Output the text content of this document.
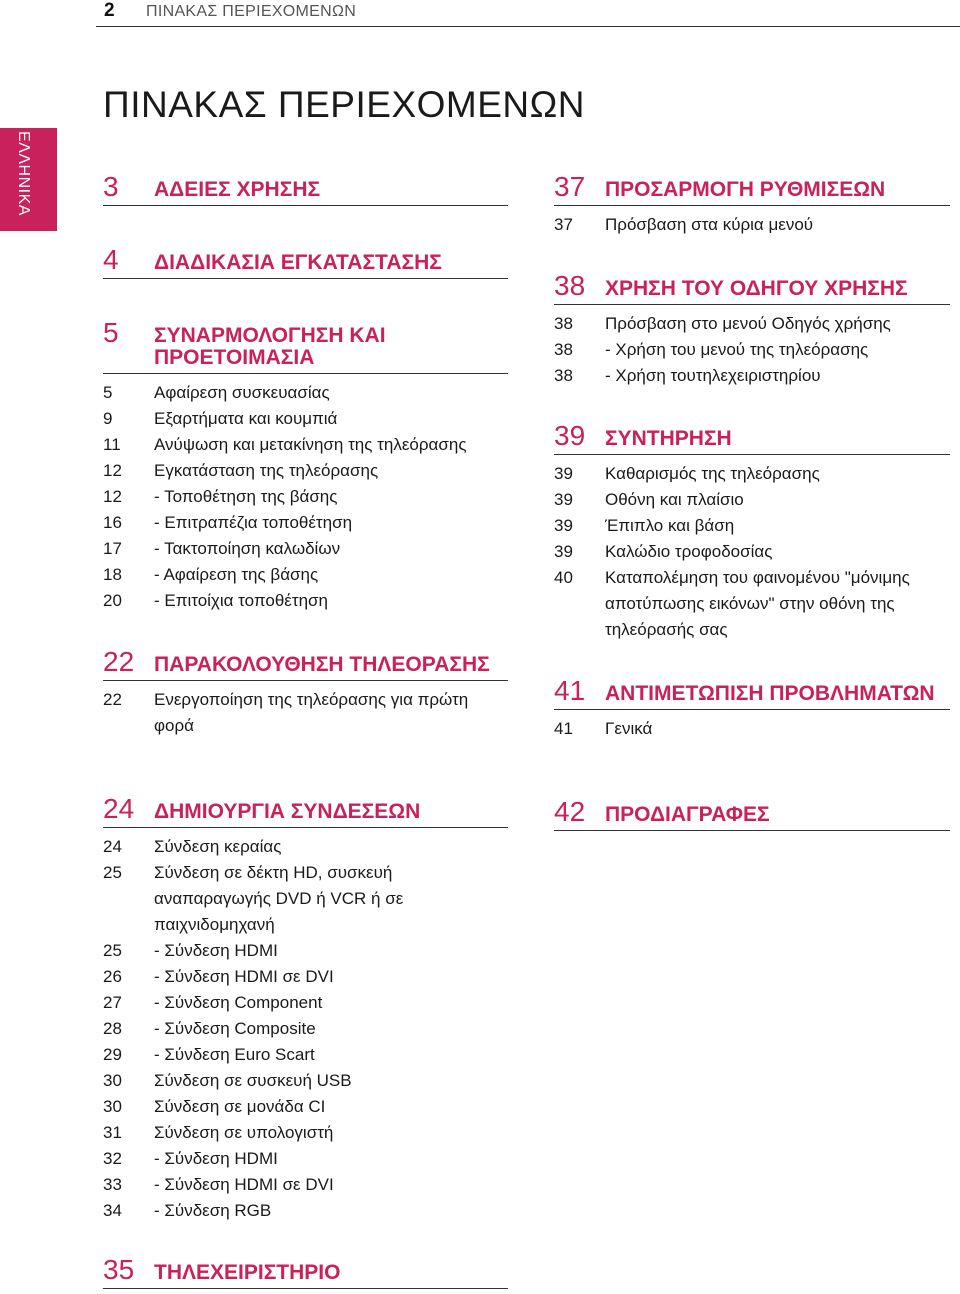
2 ΠΙΝΑΚΑΣ ΠΕΡΙΕΧΟΜΕΝΩΝ
ΠΙΝΑΚΑΣ ΠΕΡΙΕΧΟΜΕΝΩΝ
ΕΛΛΗΝΙΚΑ	3 ΑΔΕΙΕΣ ΧΡΗΣΗΣ
4 ΔΙΑΔΙΚΑΣΙΑ ΕΓΚΑΤΑΣΤΑΣΗΣ
5 ΣΥΝΑΡΜΟΛΟΓΗΣΗ ΚΑΙ ΠΡΟΕΤΟΙΜΑΣΙΑ
5	Αφαίρεση συσκευασίας
9	Εξαρτήματα και κουμπιά
11	Ανύψωση και μετακίνηση της τηλεόρασης
12	Εγκατάσταση της τηλεόρασης
12	- Τοποθέτηση της βάσης
16	- Επιτραπέζια τοποθέτηση
17	- Τακτοποίηση καλωδίων
18	- Αφαίρεση της βάσης
20	- Επιτοίχια τοποθέτηση
22 ΠΑΡΑΚΟΛΟΥΘΗΣΗ ΤΗΛΕΟΡΑΣΗΣ
22	Ενεργοποίηση της τηλεόρασης για πρώτη φορά
24 ΔΗΜΙΟΥΡΓΙΑ ΣΥΝΔΕΣΕΩΝ
24	Σύνδεση κεραίας
25	Σύνδεση σε δέκτη HD, συσκευή αναπαραγωγής DVD ή VCR ή σε παιχνιδομηχανή
25	- Σύνδεση HDMI
26	- Σύνδεση HDMI σε DVI
27	- Σύνδεση Component
28	- Σύνδεση Composite
29	- Σύνδεση Euro Scart
30	Σύνδεση σε συσκευή USB
30	Σύνδεση σε μονάδα CI
31	Σύνδεση σε υπολογιστή
32	- Σύνδεση HDMI
33	- Σύνδεση HDMI σε DVI
34	- Σύνδεση RGB
35 ΤΗΛΕΧΕΙΡΙΣΤΗΡΙΟ
37 ΠΡΟΣΑΡΜΟΓΗ ΡΥΘΜΙΣΕΩΝ
37	Πρόσβαση στα κύρια μενού
38 ΧΡΗΣΗ ΤΟΥ ΟΔΗΓΟΥ ΧΡΗΣΗΣ
38	Πρόσβαση στο μενού Οδηγός χρήσης
38	- Χρήση του μενού της τηλεόρασης
38	- Χρήση τουτηλεχειριστηρίου
39 ΣΥΝΤΗΡΗΣΗ
39	Καθαρισμός της τηλεόρασης
39	Οθόνη και πλαίσιο
39	Έπιπλο και βάση
39	Καλώδιο τροφοδοσίας
40	Καταπολέμηση του φαινομένου "μόνιμης αποτύπωσης εικόνων" στην οθόνη της τηλεόρασής σας
41 ΑΝΤΙΜΕΤΩΠΙΣΗ ΠΡΟΒΛΗΜΑΤΩΝ
41	Γενικά
42 ΠΡΟΔΙΑΓΡΑΦΕΣ
